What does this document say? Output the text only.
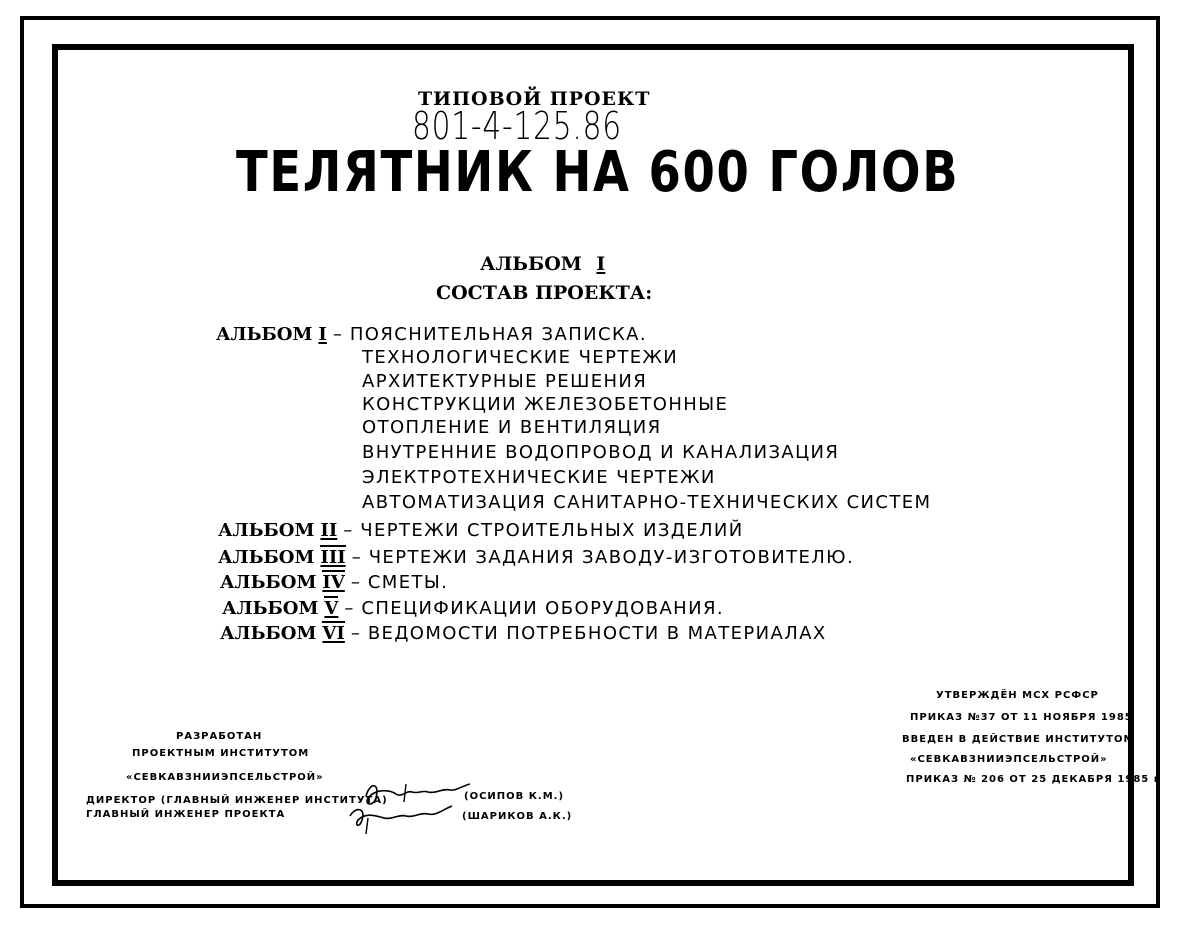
ТИПОВОЙ ПРОЕКТ
801-4-125.86
ТЕЛЯТНИК НА 600 ГОЛОВ
АЛЬБОМ I
СОСТАВ ПРОЕКТА:
АЛЬБОМ I – ПОЯСНИТЕЛЬНАЯ ЗАПИСКА.
ТЕХНОЛОГИЧЕСКИЕ ЧЕРТЕЖИ
АРХИТЕКТУРНЫЕ РЕШЕНИЯ
КОНСТРУКЦИИ ЖЕЛЕЗОБЕТОННЫЕ
ОТОПЛЕНИЕ И ВЕНТИЛЯЦИЯ
ВНУТРЕННИЕ ВОДОПРОВОД И КАНАЛИЗАЦИЯ
ЭЛЕКТРОТЕХНИЧЕСКИЕ ЧЕРТЕЖИ
АВТОМАТИЗАЦИЯ САНИТАРНО-ТЕХНИЧЕСКИХ СИСТЕМ
АЛЬБОМ II – ЧЕРТЕЖИ СТРОИТЕЛЬНЫХ ИЗДЕЛИЙ
АЛЬБОМ III – ЧЕРТЕЖИ ЗАДАНИЯ ЗАВОДУ-ИЗГОТОВИТЕЛЮ.
АЛЬБОМ IV – СМЕТЫ.
АЛЬБОМ V – СПЕЦИФИКАЦИИ ОБОРУДОВАНИЯ.
АЛЬБОМ VI – ВЕДОМОСТИ ПОТРЕБНОСТИ В МАТЕРИАЛАХ
УТВЕРЖДЁН МСХ РСФСР
ПРИКАЗ №37 ОТ 11 НОЯБРЯ 1985
ВВЕДЕН В ДЕЙСТВИЕ ИНСТИТУТОМ
«СЕВКАВЗНИИЭПСЕЛЬСТРОЙ»
ПРИКАЗ № 206 ОТ 25 ДЕКАБРЯ 1985 г
РАЗРАБОТАН
ПРОЕКТНЫМ ИНСТИТУТОМ
«СЕВКАВЗНИИЭПСЕЛЬСТРОЙ»
ДИРЕКТОР (ГЛАВНЫЙ ИНЖЕНЕР ИНСТИТУТА)
ГЛАВНЫЙ ИНЖЕНЕР ПРОЕКТА
(ОСИПОВ К.М.)
(ШАРИКОВ А.К.)
